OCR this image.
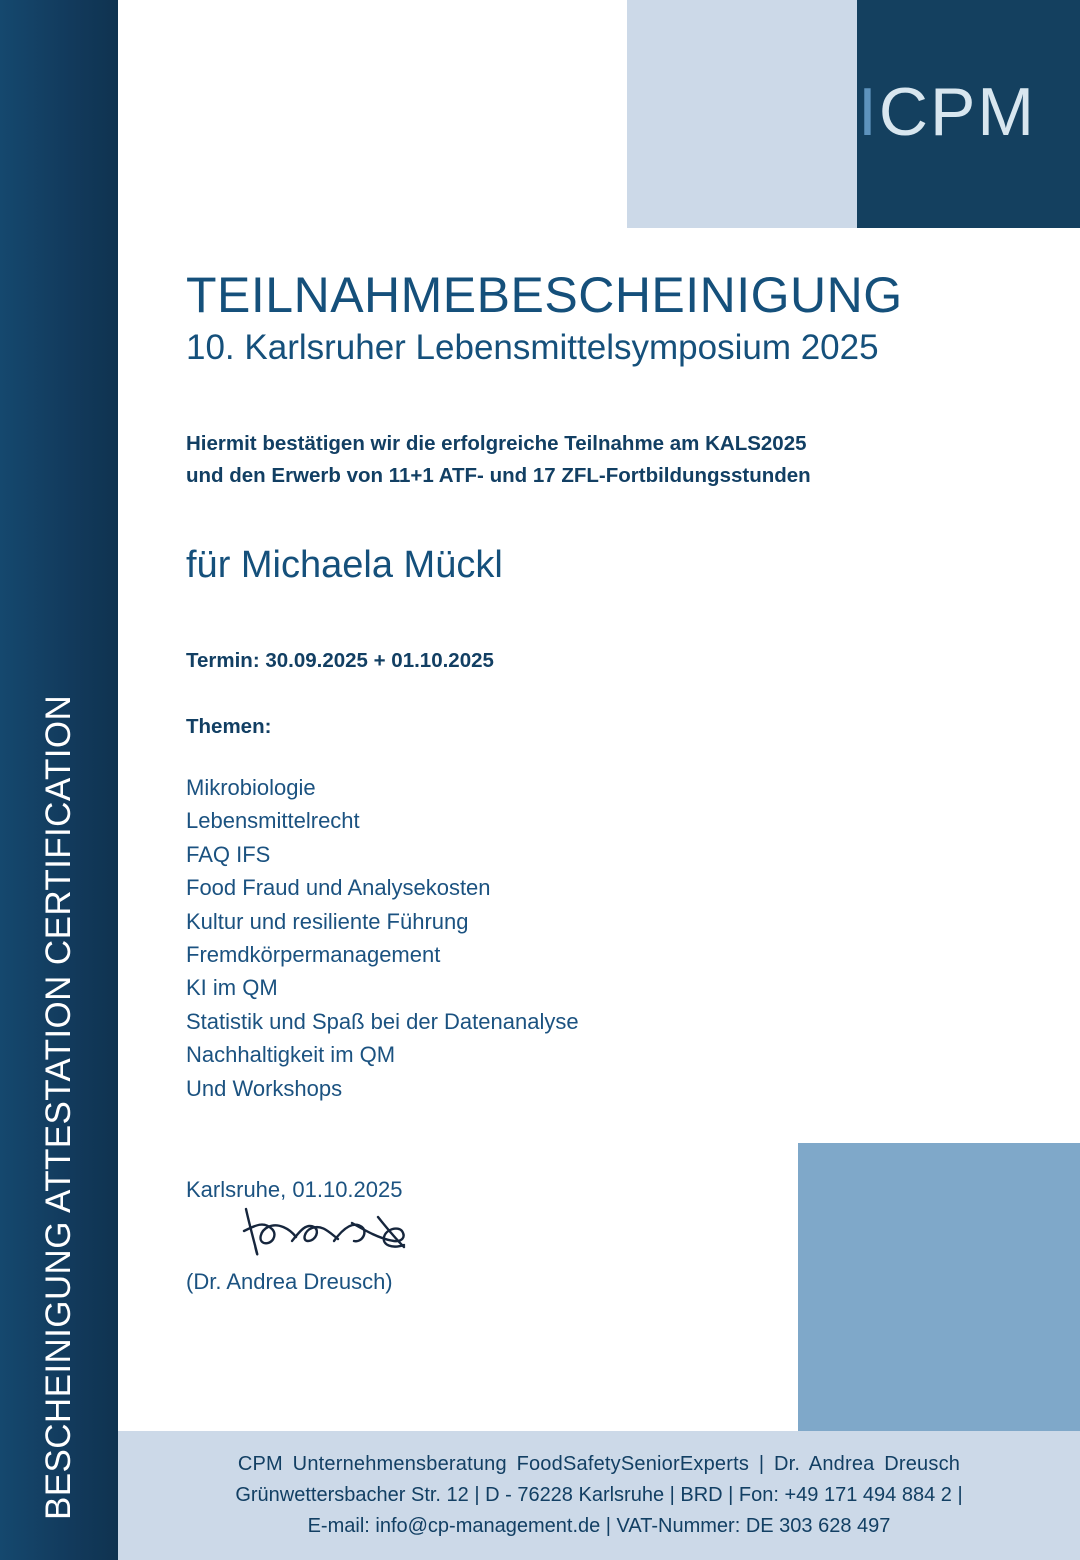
BESCHEINIGUNG ATTESTATION CERTIFICATION
ICPM
TEILNAHMEBESCHEINIGUNG
10. Karlsruher Lebensmittelsymposium 2025
Hiermit bestätigen wir die erfolgreiche Teilnahme am KALS2025
und den Erwerb von 11+1 ATF- und 17 ZFL-Fortbildungsstunden
für Michaela Mückl
Termin: 30.09.2025 + 01.10.2025
Themen:
Mikrobiologie
Lebensmittelrecht
FAQ IFS
Food Fraud und Analysekosten
Kultur und resiliente Führung
Fremdkörpermanagement
KI im QM
Statistik und Spaß bei der Datenanalyse
Nachhaltigkeit im QM
Und Workshops
Karlsruhe, 01.10.2025
(Dr. Andrea Dreusch)
CPM Unternehmensberatung FoodSafetySeniorExperts | Dr. Andrea Dreusch
Grünwettersbacher Str. 12 | D - 76228 Karlsruhe | BRD | Fon: +49 171 494 884 2 |
E-mail: info@cp-management.de | VAT-Nummer: DE 303 628 497
